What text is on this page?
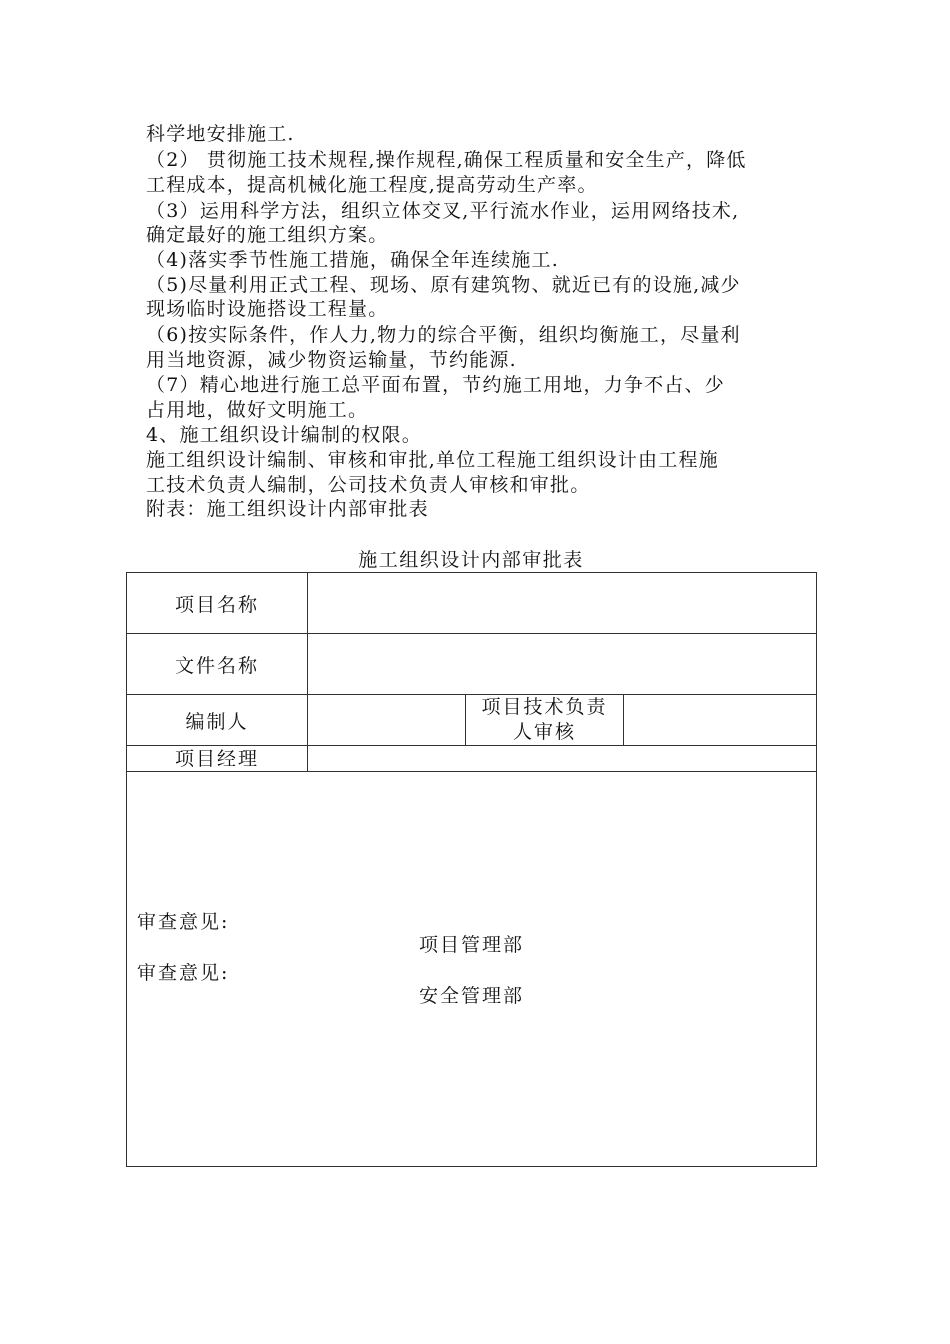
科学地安排施工.

（2） 贯彻施工技术规程,操作规程,确保工程质量和安全生产，降低

工程成本，提高机械化施工程度,提高劳动生产率。

（3）运用科学方法，组织立体交叉,平行流水作业，运用网络技术,

确定最好的施工组织方案。

（4)落实季节性施工措施，确保全年连续施工.

（5)尽量利用正式工程、现场、原有建筑物、就近已有的设施,减少

现场临时设施搭设工程量。

（6)按实际条件，作人力,物力的综合平衡，组织均衡施工，尽量利

用当地资源，减少物资运输量，节约能源.

（7）精心地进行施工总平面布置，节约施工用地，力争不占、少

占用地，做好文明施工。

4、施工组织设计编制的权限。

施工组织设计编制、审核和审批,单位工程施工组织设计由工程施

工技术负责人编制，公司技术负责人审核和审批。

附表：施工组织设计内部审批表

施工组织设计内部审批表
项目名称			
文件名称			
编制人		项目技术负责
人审核	

项目经理			

审查意见:
项目管理部
审查意见:
安全管理部			
